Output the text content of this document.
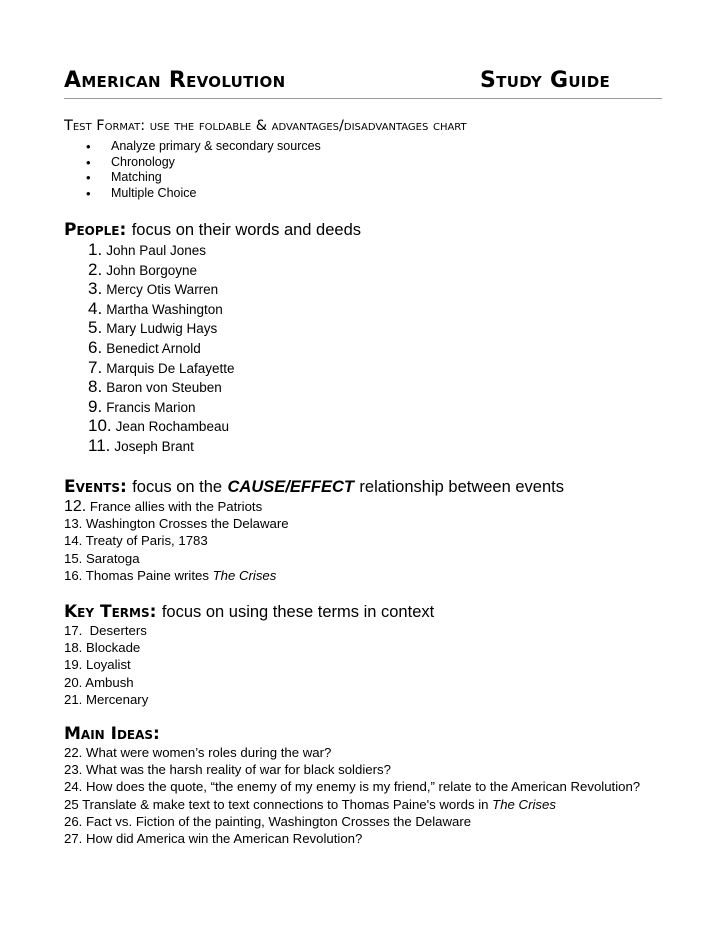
American Revolution	Study Guide
Test Format: use the foldable & advantages/disadvantages chart
• Analyze primary & secondary sources
• Chronology
• Matching
• Multiple Choice
People: focus on their words and deeds
1. John Paul Jones
2. John Borgoyne
3. Mercy Otis Warren
4. Martha Washington
5. Mary Ludwig Hays
6. Benedict Arnold
7. Marquis De Lafayette
8. Baron von Steuben
9. Francis Marion
10. Jean Rochambeau
11. Joseph Brant
Events: focus on the CAUSE/EFFECT relationship between events
12. France allies with the Patriots
13. Washington Crosses the Delaware
14. Treaty of Paris, 1783
15. Saratoga
16. Thomas Paine writes The Crises
Key Terms: focus on using these terms in context
17.  Deserters
18. Blockade
19. Loyalist
20. Ambush
21. Mercenary
Main Ideas:
22. What were women’s roles during the war?
23. What was the harsh reality of war for black soldiers?
24. How does the quote, “the enemy of my enemy is my friend,” relate to the American Revolution?
25 Translate & make text to text connections to Thomas Paine's words in The Crises
26. Fact vs. Fiction of the painting, Washington Crosses the Delaware
27. How did America win the American Revolution?
